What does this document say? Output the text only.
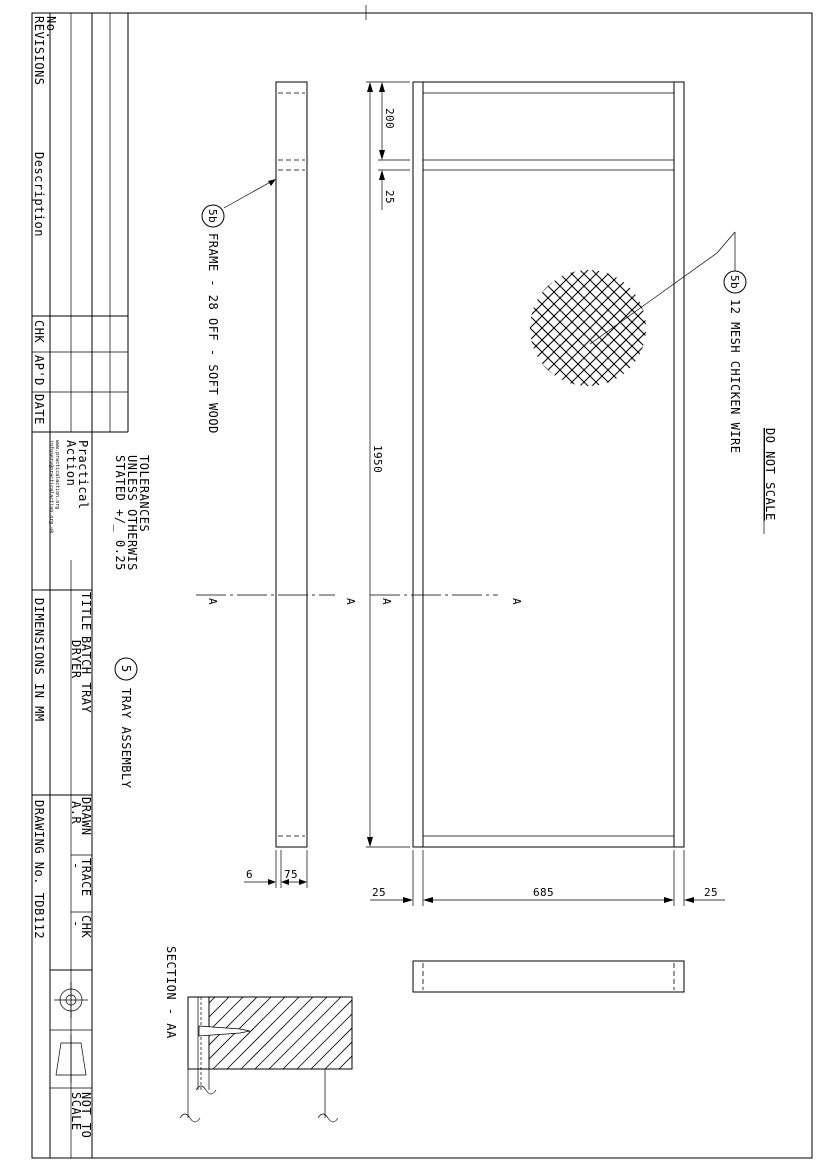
REVISIONS
No.
Description
CHK
AP'D
DATE
Practical
Action
www.practicalaction.org
infoserv@practicalaction.org.uk
TITLE
BATCH TRAY
DRYER
DIMENSIONS IN MM
DRAWN
A.R
TRACE
-
CHK
-
DRAWING No. TDB112
NOT TO
SCALE
TOLERANCES
UNLESS OTHERWIS
STATED +/_ 0.25
5
TRAY ASSEMBLY
DO NOT SCALE
A	A
5b
12 MESH CHICKEN WIRE
200
25
1950
25	685	25
A	A
5b
FRAME - 28 OFF - SOFT WOOD
6	75
SECTION - AA
